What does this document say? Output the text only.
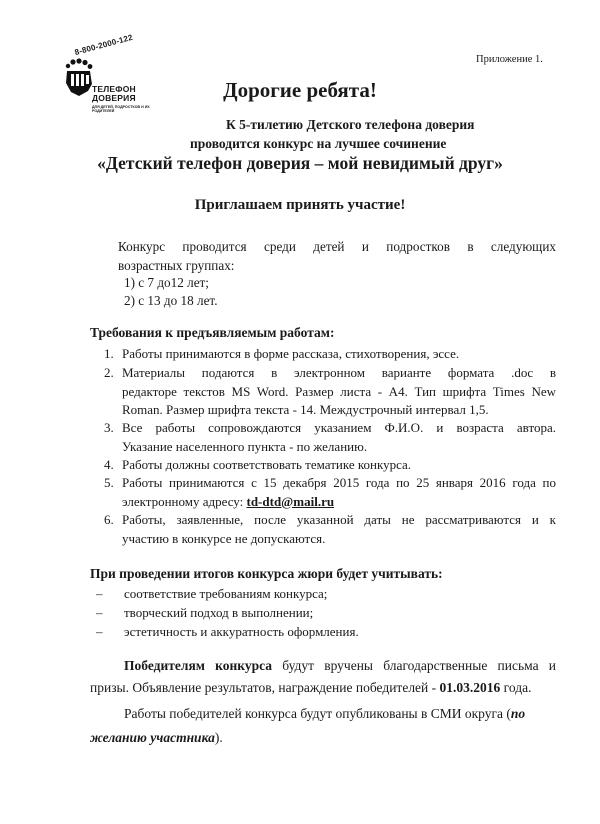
Приложение 1.
8-800-2000-122
ТЕЛЕФОН
ДОВЕРИЯ
ДЛЯ ДЕТЕЙ, ПОДРОСТКОВ И ИХ РОДИТЕЛЕЙ
Дорогие ребята!
К 5-тилетию Детского телефона доверия
проводится конкурс на лучшее сочинение
«Детский телефон доверия – мой невидимый друг»
Приглашаем принять участие!
Конкурс проводится среди детей и подростков в следующих
возрастных группах:
1) с 7 до12 лет;
2) с 13 до 18 лет.
Требования к предъявляемым работам:
1. Работы принимаются в форме рассказа, стихотворения, эссе.
2. Материалы подаются в электронном варианте формата .doc в
редакторе текстов MS Word. Размер листа - А4. Тип шрифта Times New
Roman. Размер шрифта текста - 14. Междустрочный интервал 1,5.
3. Все работы сопровождаются указанием Ф.И.О. и возраста автора.
Указание населенного пункта - по желанию.
4. Работы должны соответствовать тематике конкурса.
5. Работы принимаются с 15 декабря 2015 года по 25 января 2016 года по
электронному адресу: td-dtd@mail.ru
6. Работы, заявленные, после указанной даты не рассматриваются и к
участию в конкурсе не допускаются.
При проведении итогов конкурса жюри будет учитывать:
– соответствие требованиям конкурса;
– творческий подход в выполнении;
– эстетичность и аккуратность оформления.
Победителям конкурса будут вручены благодарственные письма и
призы. Объявление результатов, награждение победителей - 01.03.2016 года.
Работы победителей конкурса будут опубликованы в СМИ округа (по
желанию участника).
